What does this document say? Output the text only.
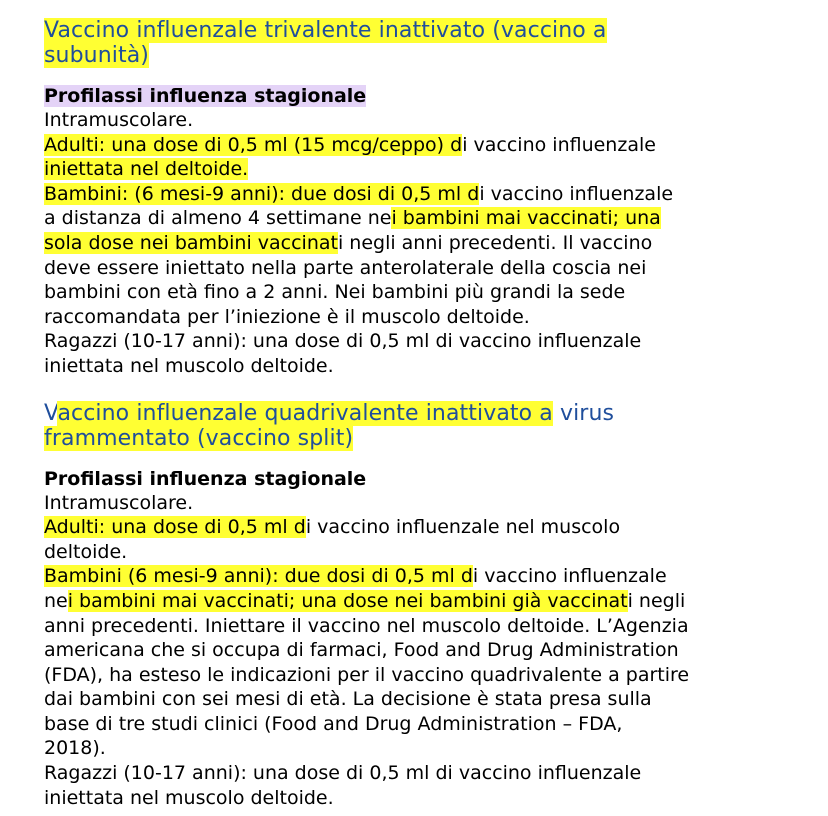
Vaccino influenzale trivalente inattivato (vaccino a
subunità)
Profilassi influenza stagionale

Intramuscolare.

Adulti: una dose di 0,5 ml (15 mcg/ceppo) di vaccino influenzale

iniettata nel deltoide.

Bambini: (6 mesi-9 anni): due dosi di 0,5 ml di vaccino influenzale

a distanza di almeno 4 settimane nei bambini mai vaccinati; una

sola dose nei bambini vaccinati negli anni precedenti. Il vaccino

deve essere iniettato nella parte anterolaterale della coscia nei

bambini con età fino a 2 anni. Nei bambini più grandi la sede

raccomandata per l’iniezione è il muscolo deltoide.

Ragazzi (10-17 anni): una dose di 0,5 ml di vaccino influenzale

iniettata nel muscolo deltoide.

Vaccino influenzale quadrivalente inattivato a virus
frammentato (vaccino split)
Profilassi influenza stagionale

Intramuscolare.

Adulti: una dose di 0,5 ml di vaccino influenzale nel muscolo

deltoide.

Bambini (6 mesi-9 anni): due dosi di 0,5 ml di vaccino influenzale

nei bambini mai vaccinati; una dose nei bambini già vaccinati negli

anni precedenti. Iniettare il vaccino nel muscolo deltoide. L’Agenzia

americana che si occupa di farmaci, Food and Drug Administration

(FDA), ha esteso le indicazioni per il vaccino quadrivalente a partire

dai bambini con sei mesi di età. La decisione è stata presa sulla

base di tre studi clinici (Food and Drug Administration – FDA,

2018).

Ragazzi (10-17 anni): una dose di 0,5 ml di vaccino influenzale

iniettata nel muscolo deltoide.
